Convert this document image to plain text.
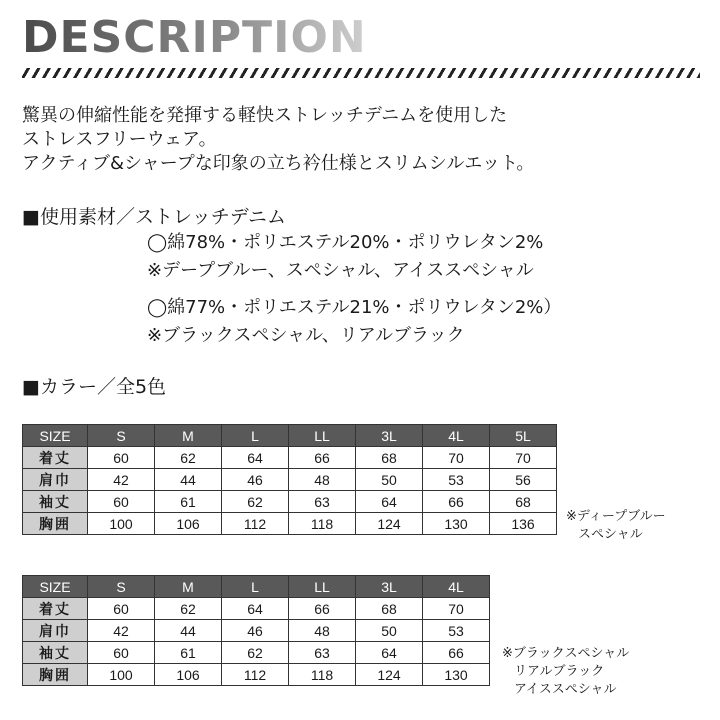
DESCRIPTION
驚異の伸縮性能を発揮する軽快ストレッチデニムを使用した
ストレスフリーウェア。
アクティブ&シャープな印象の立ち衿仕様とスリムシルエット。
■使用素材／ストレッチデニム
◯綿78%・ポリエステル20%・ポリウレタン2%
※デープブルー、スペシャル、アイススペシャル
◯綿77%・ポリエステル21%・ポリウレタン2%）
※ブラックスペシャル、リアルブラック
■カラー／全5色
SIZE	S	M	L	LL	3L	4L	5L
着丈	60	62	64	66	68	70	70
肩巾	42	44	46	48	50	53	56
袖丈	60	61	62	63	64	66	68
胸囲	100	106	112	118	124	130	136 ※ディープブルー
スペシャル
SIZE	S	M	L	LL	3L	4L
着丈	60	62	64	66	68	70
肩巾	42	44	46	48	50	53
袖丈	60	61	62	63	64	66
胸囲	100	106	112	118	124	130
※ブラックスペシャル
リアルブラック
アイススペシャル
